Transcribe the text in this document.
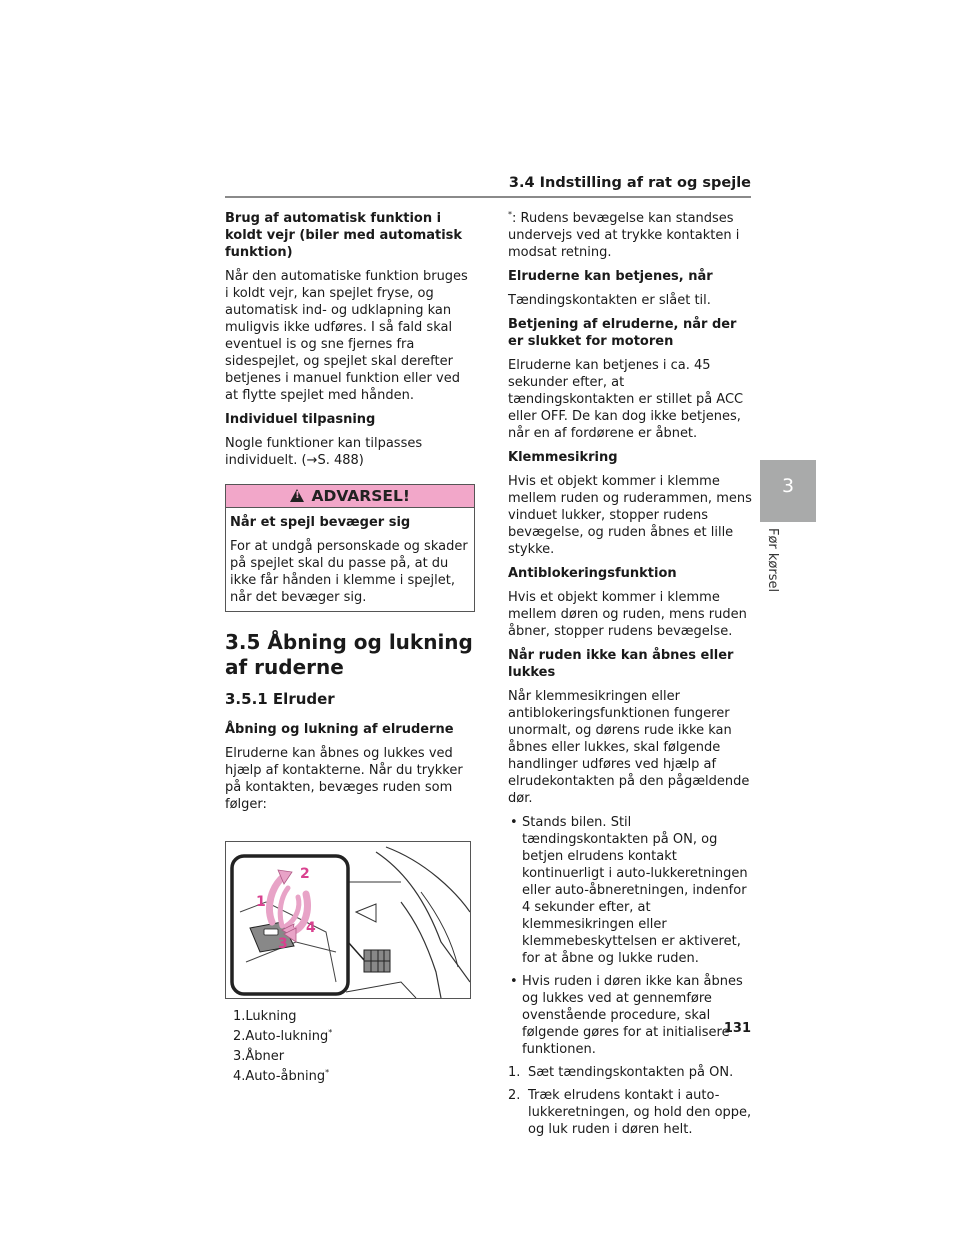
3.4 Indstilling af rat og spejle
3
Før kørsel
Brug af automatisk funktion i koldt vejr (biler med automatisk funktion)

Når den automatiske funktion bruges i koldt vejr, kan spejlet fryse, og automatisk ind- og udklapning kan muligvis ikke udføres. I så fald skal eventuel is og sne fjernes fra sidespejlet, og spejlet skal derefter betjenes i manuel funktion eller ved at flytte spejlet med hånden.

Individuel tilpasning

Nogle funktioner kan tilpasses individuelt. (→S. 488)

! ADVARSEL!
Når et spejl bevæger sig

For at undgå personskade og skader på spejlet skal du passe på, at du ikke får hånden i klemme i spejlet, når det bevæger sig.

3.5 Åbning og lukning af ruderne
3.5.1 Elruder
Åbning og lukning af elruderne

Elruderne kan åbnes og lukkes ved hjælp af kontakterne. Når du trykker på kontakten, bevæges ruden som følger:

2
1
4
3
1.Lukning
2.Auto-lukning*
3.Åbner
4.Auto-åbning*

*: Rudens bevægelse kan standses undervejs ved at trykke kontakten i modsat retning.

Elruderne kan betjenes, når

Tændingskontakten er slået til.

Betjening af elruderne, når der er slukket for motoren

Elruderne kan betjenes i ca. 45 sekunder efter, at tændingskontakten er stillet på ACC eller OFF. De kan dog ikke betjenes, når en af fordørene er åbnet.

Klemmesikring

Hvis et objekt kommer i klemme mellem ruden og ruderammen, mens vinduet lukker, stopper rudens bevægelse, og ruden åbnes et lille stykke.

Antiblokeringsfunktion

Hvis et objekt kommer i klemme mellem døren og ruden, mens ruden åbner, stopper rudens bevægelse.

Når ruden ikke kan åbnes eller lukkes

Når klemmesikringen eller antiblokeringsfunktionen fungerer unormalt, og dørens rude ikke kan åbnes eller lukkes, skal følgende handlinger udføres ved hjælp af elrudekontakten på den pågældende dør.

• Stands bilen. Stil tændingskontakten på ON, og betjen elrudens kontakt kontinuerligt i auto-lukkeretningen eller auto-åbneretningen, indenfor 4 sekunder efter, at klemmesikringen eller klemmebeskyttelsen er aktiveret, for at åbne og lukke ruden.
• Hvis ruden i døren ikke kan åbnes og lukkes ved at gennemføre ovenstående procedure, skal følgende gøres for at initialisere funktionen.
1. Sæt tændingskontakten på ON.
2. Træk elrudens kontakt i auto-lukkeretningen, og hold den oppe, og luk ruden i døren helt.
131
